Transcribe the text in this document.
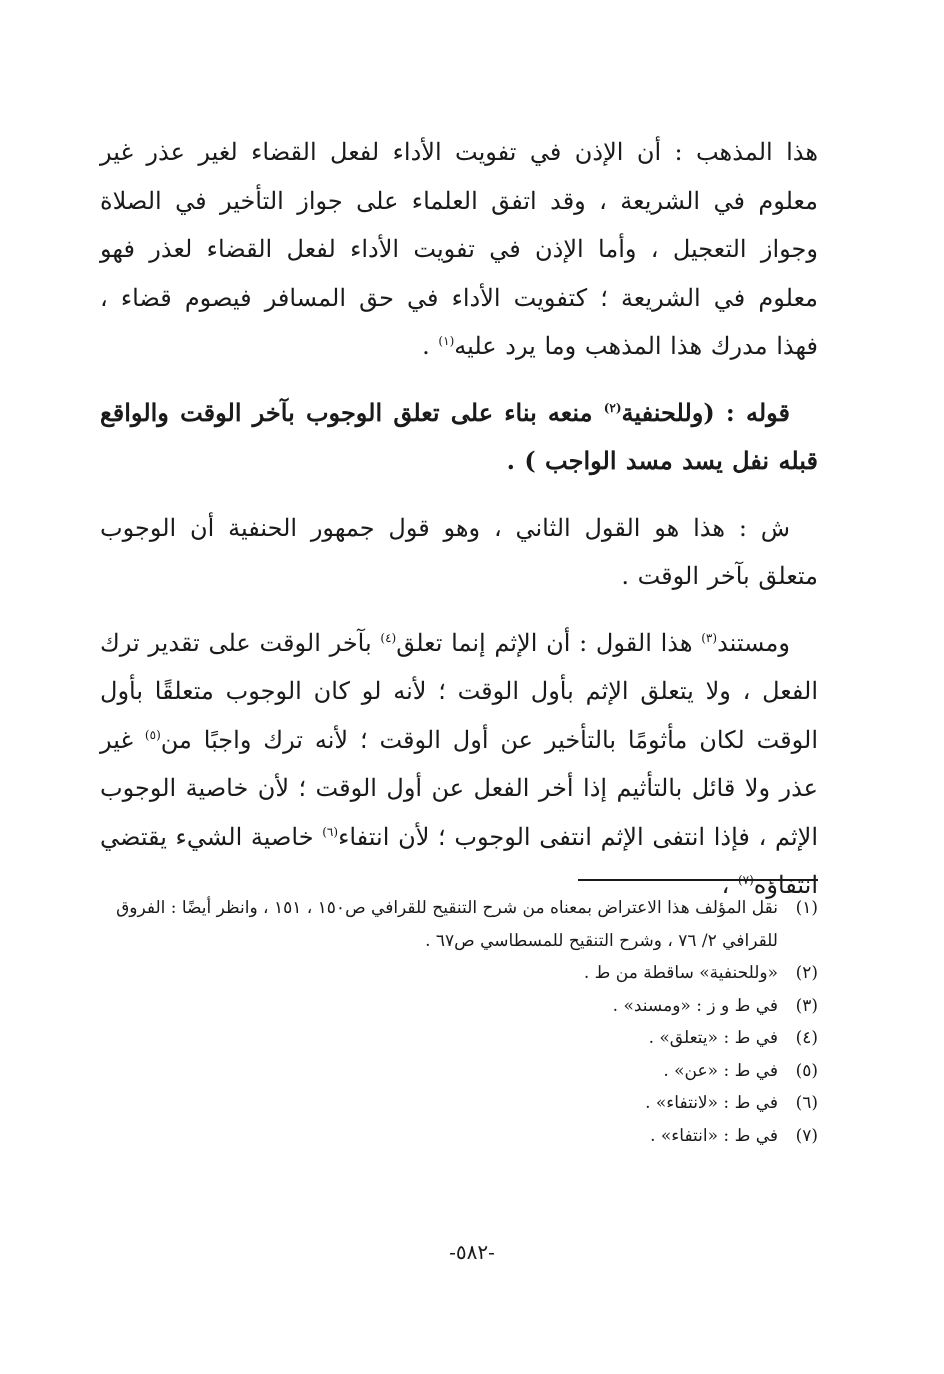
هذا المذهب : أن الإذن في تفويت الأداء لفعل القضاء لغير عذر غير معلوم في الشريعة ، وقد اتفق العلماء على جواز التأخير في الصلاة وجواز التعجيل ، وأما الإذن في تفويت الأداء لفعل القضاء لعذر فهو معلوم في الشريعة ؛ كتفويت الأداء في حق المسافر فيصوم قضاء ، فهذا مدرك هذا المذهب وما يرد عليه$^{(١)}$ .

قوله : (وللحنفية$^{(٢)}$ منعه بناء على تعلق الوجوب بآخر الوقت والواقع قبله نفل يسد مسد الواجب ) .

ش : هذا هو القول الثاني ، وهو قول جمهور الحنفية أن الوجوب متعلق بآخر الوقت .

ومستند$^{(٣)}$ هذا القول : أن الإثم إنما تعلق$^{(٤)}$ بآخر الوقت على تقدير ترك الفعل ، ولا يتعلق الإثم بأول الوقت ؛ لأنه لو كان الوجوب متعلقًا بأول الوقت لكان مأثومًا بالتأخير عن أول الوقت ؛ لأنه ترك واجبًا من$^{(٥)}$ غير عذر ولا قائل بالتأثيم إذا أخر الفعل عن أول الوقت ؛ لأن خاصية الوجوب الإثم ، فإذا انتفى الإثم انتفى الوجوب ؛ لأن انتفاء$^{(٦)}$ خاصية الشيء يقتضي انتفاؤه$^{(٧)}$ ،

(١)
نقل المؤلف هذا الاعتراض بمعناه من شرح التنقيح للقرافي ص١٥٠ ، ١٥١ ، وانظر أيضًا : الفروق للقرافي ٢/ ٧٦ ، وشرح التنقيح للمسطاسي ص٦٧ .
(٢)
«وللحنفية» ساقطة من ط .
(٣)
في ط و ز : «ومسند» .
(٤)
في ط : «يتعلق» .
(٥)
في ط : «عن» .
(٦)
في ط : «لانتفاء» .
(٧)
في ط : «انتفاء» .
-٥٨٢-
